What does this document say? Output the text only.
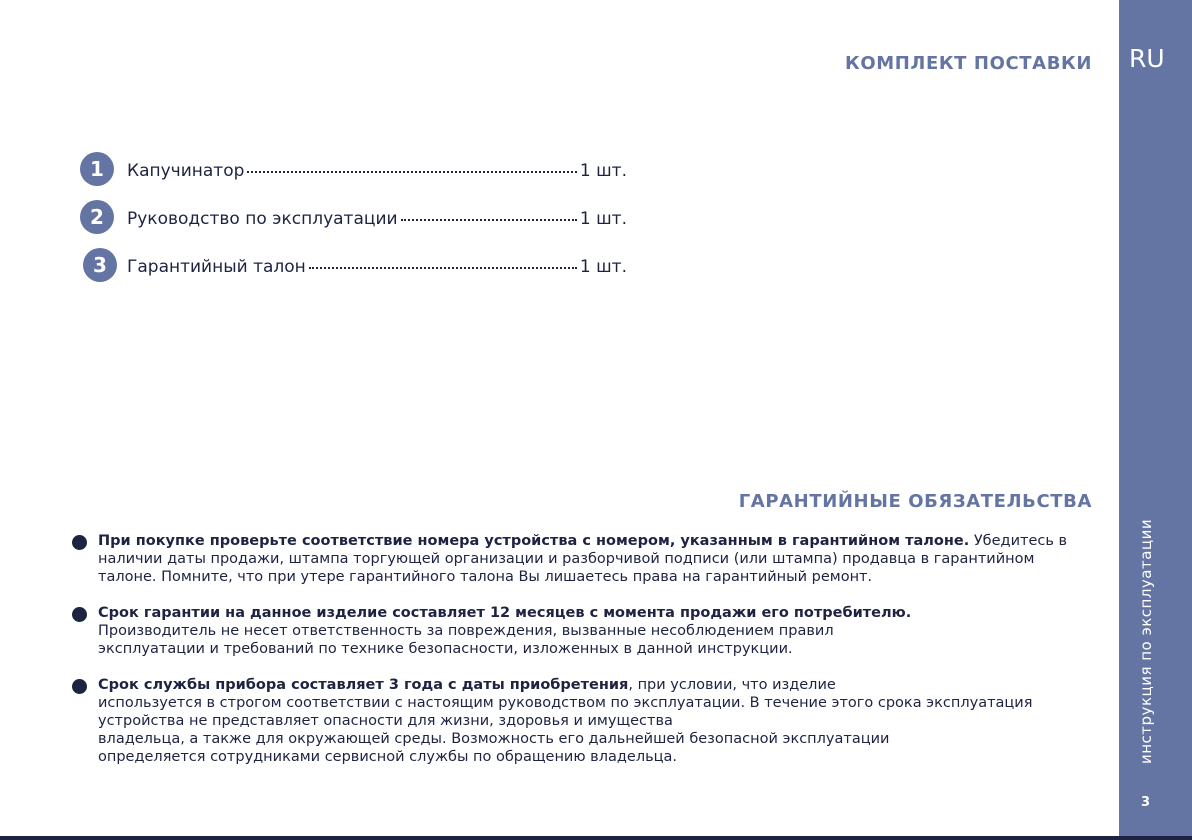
RU
инструкция по эксплуатации
3
КОМПЛЕКТ ПОСТАВКИ
1	Капучинатор	1 шт.
2	Руководство по эксплуатации	1 шт.
3	Гарантийный талон	1 шт.
ГАРАНТИЙНЫЕ ОБЯЗАТЕЛЬСТВА
При покупке проверьте соответствие номера устройства с номером, указанным в гарантийном талоне. Убедитесь в
наличии даты продажи, штампа торгующей организации и разборчивой подписи (или штампа) продавца в гарантийном
талоне. Помните, что при утере гарантийного талона Вы лишаетесь права на гарантийный ремонт.
Срок гарантии на данное изделие составляет 12 месяцев с момента продажи его потребителю.
Производитель не несет ответственность за повреждения, вызванные несоблюдением правил
эксплуатации и требований по технике безопасности, изложенных в данной инструкции.
Срок службы прибора составляет 3 года с даты приобретения, при условии, что изделие
используется в строгом соответствии с настоящим руководством по эксплуатации. В течение этого срока эксплуатация
устройства не представляет опасности для жизни, здоровья и имущества
владельца, а также для окружающей среды. Возможность его дальнейшей безопасной эксплуатации
определяется сотрудниками сервисной службы по обращению владельца.
